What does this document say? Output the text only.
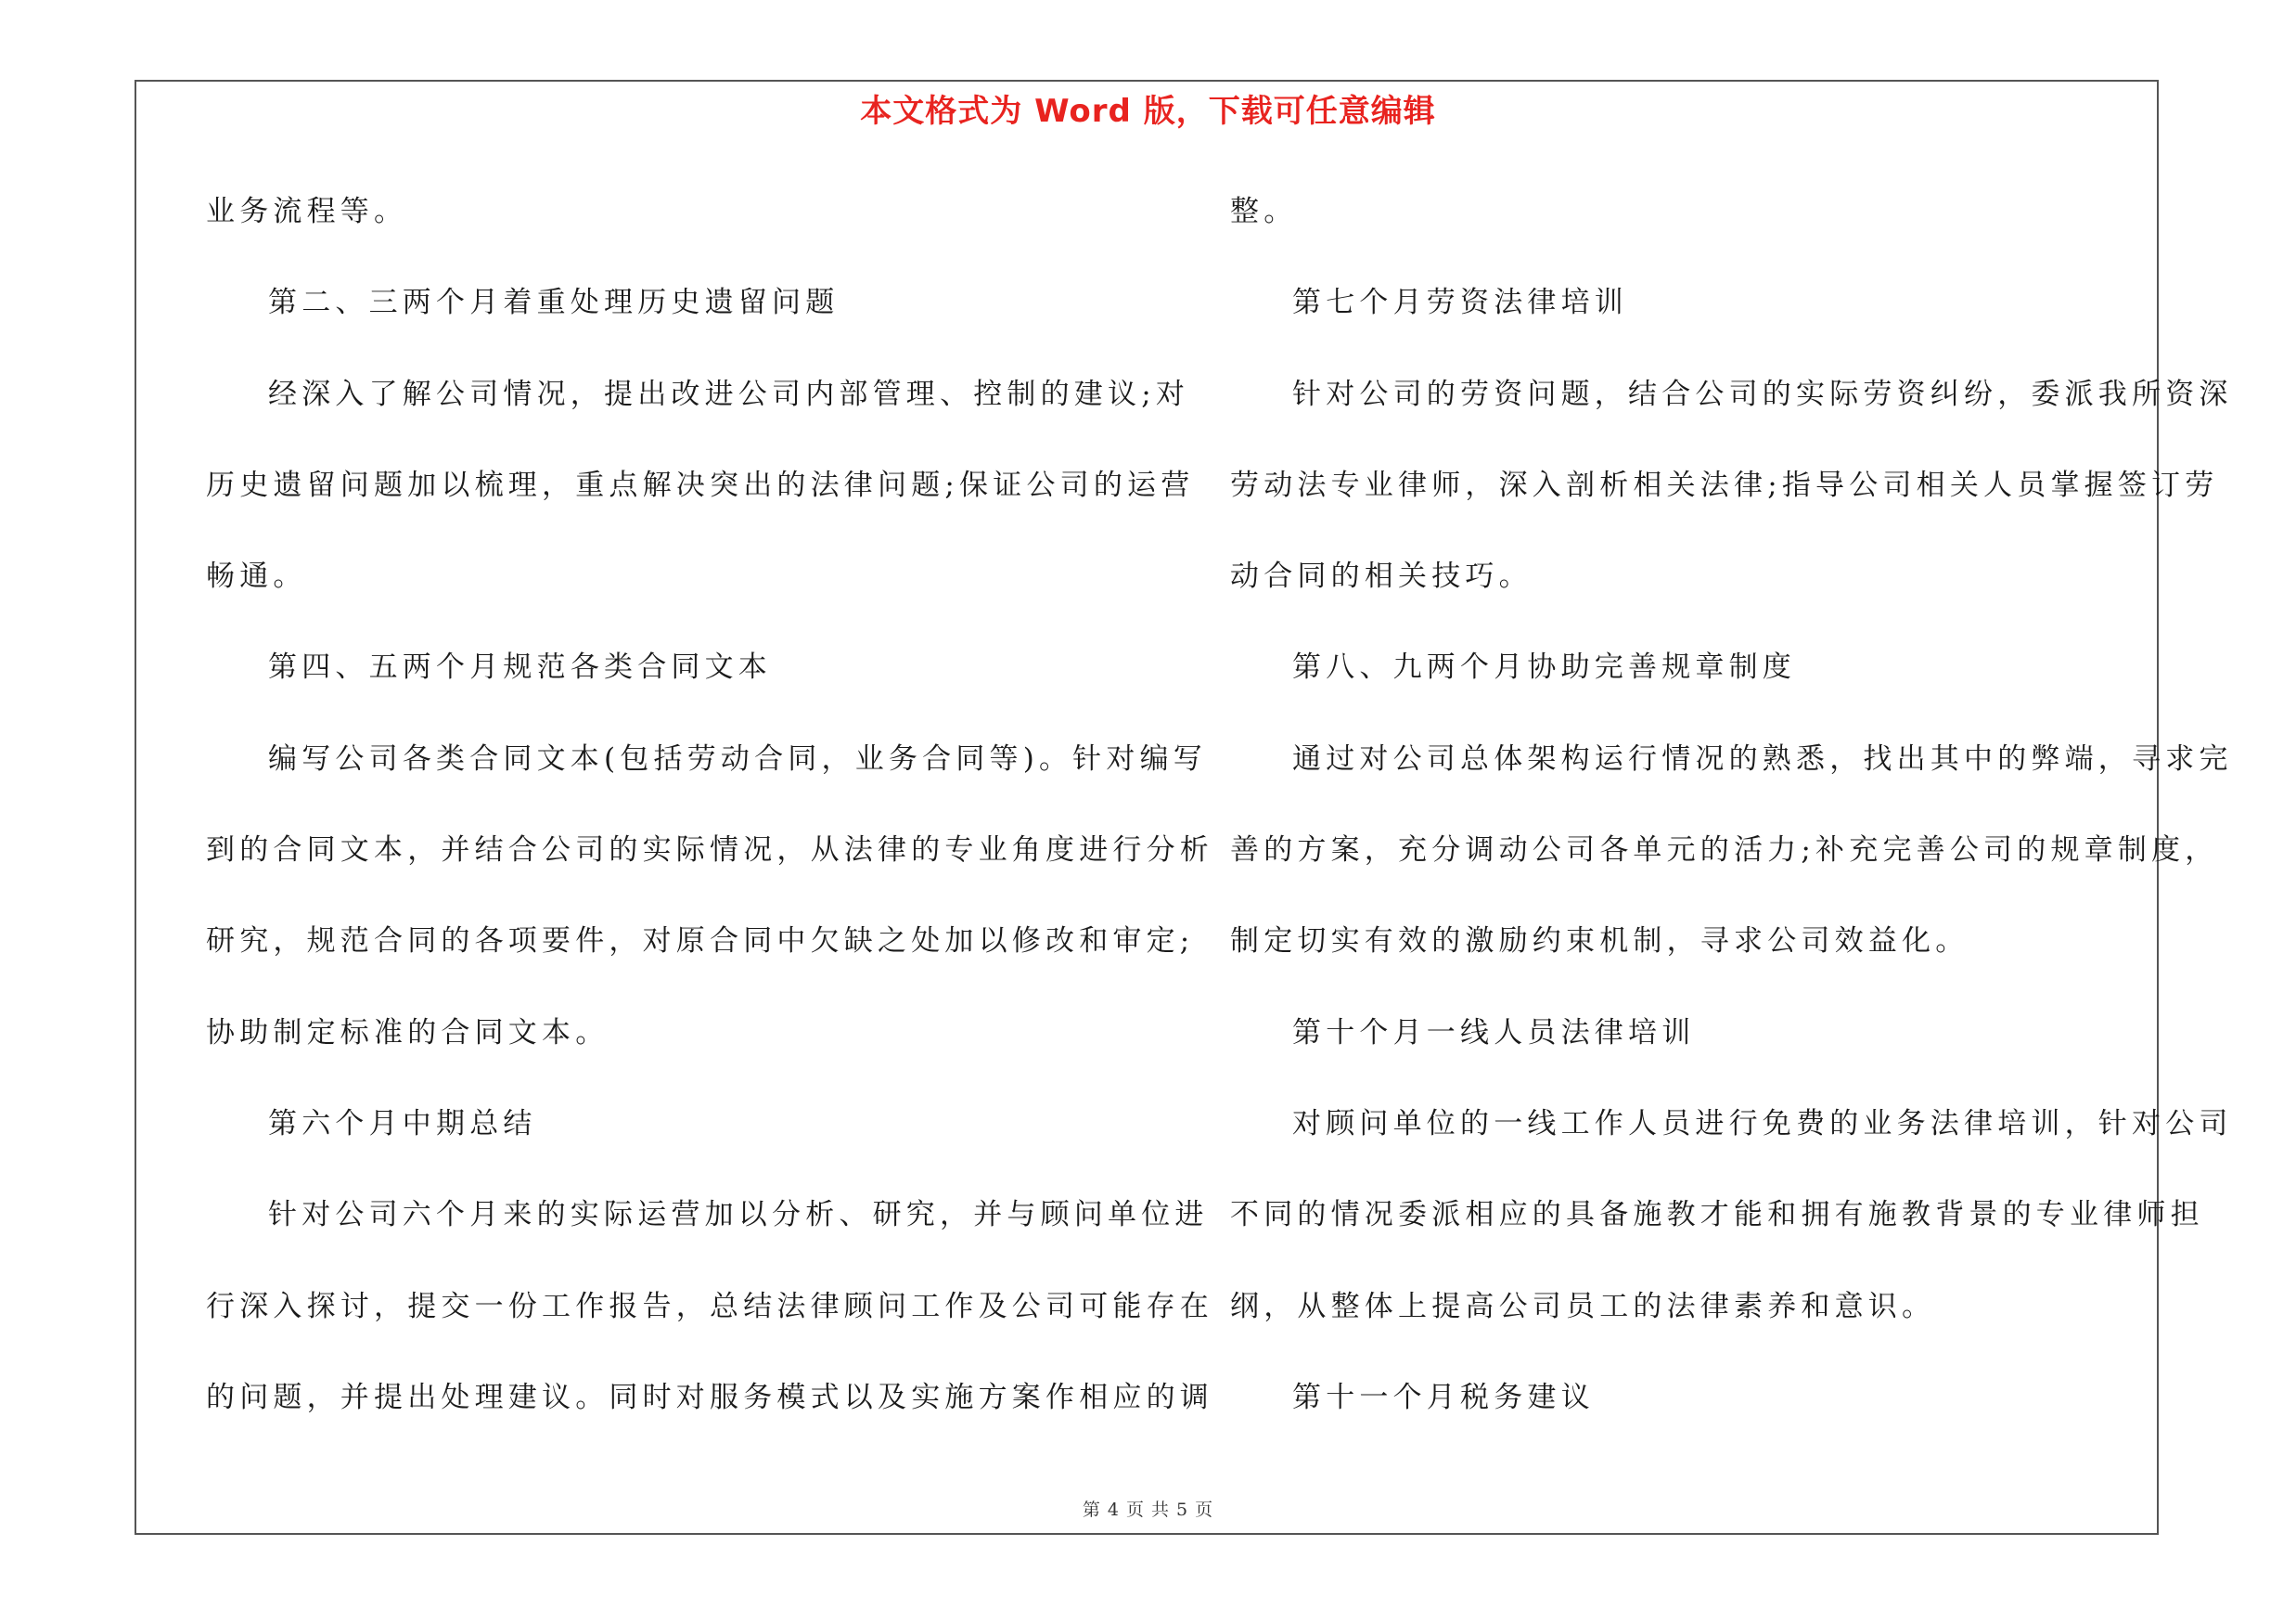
本文格式为 Word 版，下载可任意编辑
业务流程等。
第二、三两个月着重处理历史遗留问题
经深入了解公司情况，提出改进公司内部管理、控制的建议;对
历史遗留问题加以梳理，重点解决突出的法律问题;保证公司的运营
畅通。
第四、五两个月规范各类合同文本
编写公司各类合同文本(包括劳动合同，业务合同等)。针对编写
到的合同文本，并结合公司的实际情况，从法律的专业角度进行分析
研究，规范合同的各项要件，对原合同中欠缺之处加以修改和审定;
协助制定标准的合同文本。
第六个月中期总结
针对公司六个月来的实际运营加以分析、研究，并与顾问单位进
行深入探讨，提交一份工作报告，总结法律顾问工作及公司可能存在
的问题，并提出处理建议。同时对服务模式以及实施方案作相应的调
整。
第七个月劳资法律培训
针对公司的劳资问题，结合公司的实际劳资纠纷，委派我所资深
劳动法专业律师，深入剖析相关法律;指导公司相关人员掌握签订劳
动合同的相关技巧。
第八、九两个月协助完善规章制度
通过对公司总体架构运行情况的熟悉，找出其中的弊端，寻求完
善的方案，充分调动公司各单元的活力;补充完善公司的规章制度，
制定切实有效的激励约束机制，寻求公司效益化。
第十个月一线人员法律培训
对顾问单位的一线工作人员进行免费的业务法律培训，针对公司
不同的情况委派相应的具备施教才能和拥有施教背景的专业律师担
纲，从整体上提高公司员工的法律素养和意识。
第十一个月税务建议
第 4 页 共 5 页
